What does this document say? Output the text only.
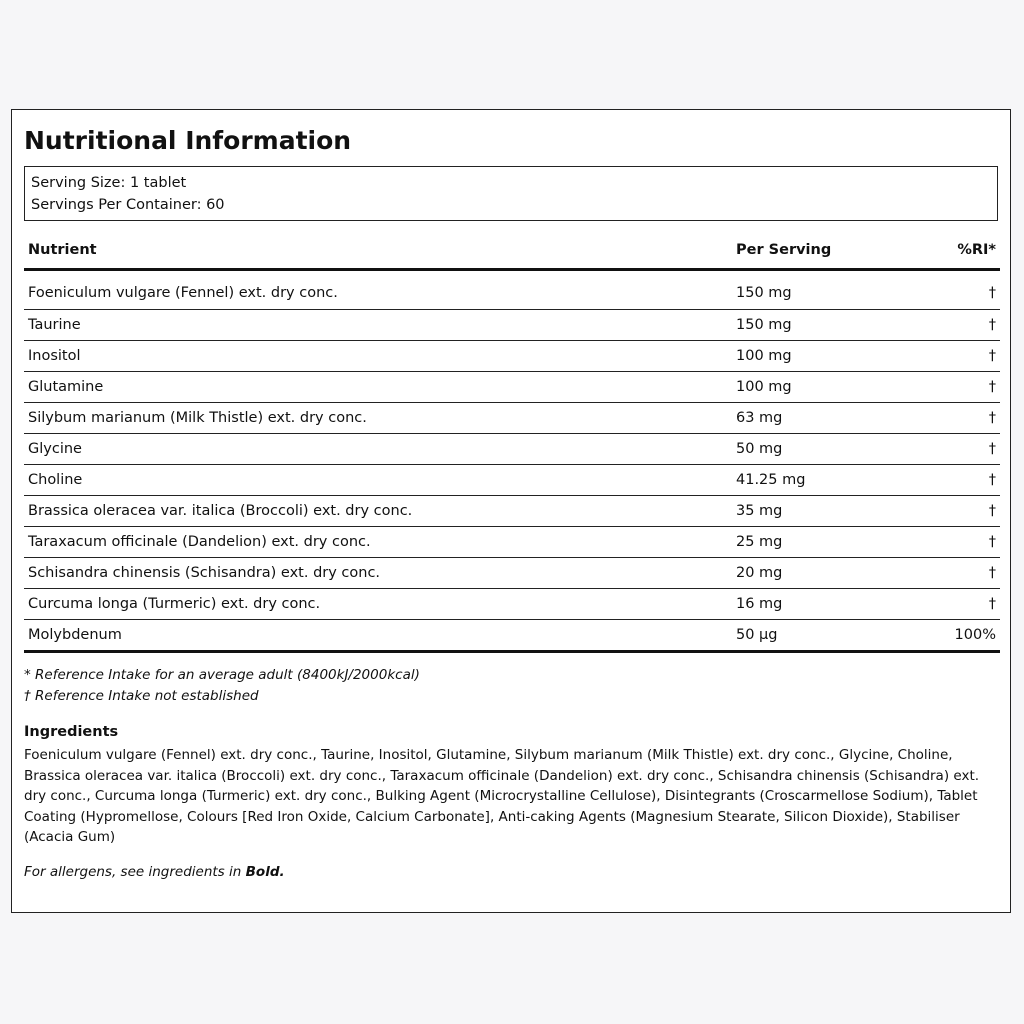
Nutritional Information
Serving Size: 1 tablet
Servings Per Container: 60
Nutrient	Per Serving	%RI*
Foeniculum vulgare (Fennel) ext. dry conc.	150 mg	†
Taurine	150 mg	†
Inositol	100 mg	†
Glutamine	100 mg	†
Silybum marianum (Milk Thistle) ext. dry conc.	63 mg	†
Glycine	50 mg	†
Choline	41.25 mg	†
Brassica oleracea var. italica (Broccoli) ext. dry conc.	35 mg	†
Taraxacum officinale (Dandelion) ext. dry conc.	25 mg	†
Schisandra chinensis (Schisandra) ext. dry conc.	20 mg	†
Curcuma longa (Turmeric) ext. dry conc.	16 mg	†
Molybdenum	50 µg	100%
* Reference Intake for an average adult (8400kJ/2000kcal)
† Reference Intake not established
Ingredients
Foeniculum vulgare (Fennel) ext. dry conc., Taurine, Inositol, Glutamine, Silybum marianum (Milk Thistle) ext. dry conc., Glycine, Choline, Brassica oleracea var. italica (Broccoli) ext. dry conc., Taraxacum officinale (Dandelion) ext. dry conc., Schisandra chinensis (Schisandra) ext. dry conc., Curcuma longa (Turmeric) ext. dry conc., Bulking Agent (Microcrystalline Cellulose), Disintegrants (Croscarmellose Sodium), Tablet Coating (Hypromellose, Colours [Red Iron Oxide, Calcium Carbonate], Anti-caking Agents (Magnesium Stearate, Silicon Dioxide), Stabiliser (Acacia Gum)
For allergens, see ingredients in Bold.
